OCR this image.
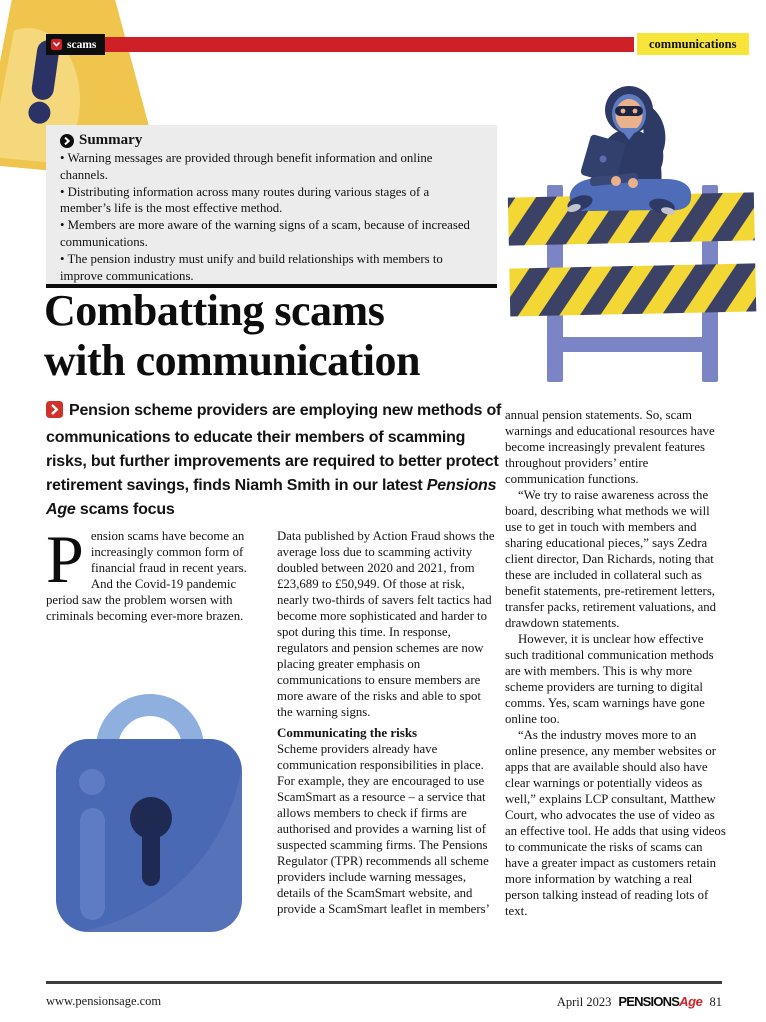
scams	communications
Summary

• Warning messages are provided through benefit information and online channels.

• Distributing information across many routes during various stages of a member’s life is the most effective method.

• Members are more aware of the warning signs of a scam, because of increased communications.

• The pension industry must unify and build relationships with members to improve communications.

Combatting scams
with communication

Pension scheme providers are employing new methods of communications to educate their members of scamming risks, but further improvements are required to better protect retirement savings, finds Niamh Smith in our latest Pensions Age scams focus

Pension scams have become an increasingly common form of financial fraud in recent years. And the Covid-19 pandemic period saw the problem worsen with criminals becoming ever-more brazen.

Data published by Action Fraud shows the average loss due to scamming activity doubled between 2020 and 2021, from £23,689 to £50,949. Of those at risk, nearly two-thirds of savers felt tactics had become more sophisticated and harder to spot during this time. In response, regulators and pension schemes are now placing greater emphasis on communications to ensure members are more aware of the risks and able to spot the warning signs.

Communicating the risks

Scheme providers already have communication responsibilities in place. For example, they are encouraged to use ScamSmart as a resource – a service that allows members to check if firms are authorised and provides a warning list of suspected scamming firms. The Pensions Regulator (TPR) recommends all scheme providers include warning messages, details of the ScamSmart website, and provide a ScamSmart leaflet in members’

annual pension statements. So, scam warnings and educational resources have become increasingly prevalent features throughout providers’ entire communication functions.

“We try to raise awareness across the board, describing what methods we will use to get in touch with members and sharing educational pieces,” says Zedra client director, Dan Richards, noting that these are included in collateral such as benefit statements, pre-retirement letters, transfer packs, retirement valuations, and drawdown statements.

However, it is unclear how effective such traditional communication methods are with members. This is why more scheme providers are turning to digital comms. Yes, scam warnings have gone online too.

“As the industry moves more to an online presence, any member websites or apps that are available should also have clear warnings or potentially videos as well,” explains LCP consultant, Matthew Court, who advocates the use of video as an effective tool. He adds that using videos to communicate the risks of scams can have a greater impact as customers retain more information by watching a real person talking instead of reading lots of text.

www.pensionsage.com	April 2023 PENSIONSAge 81
